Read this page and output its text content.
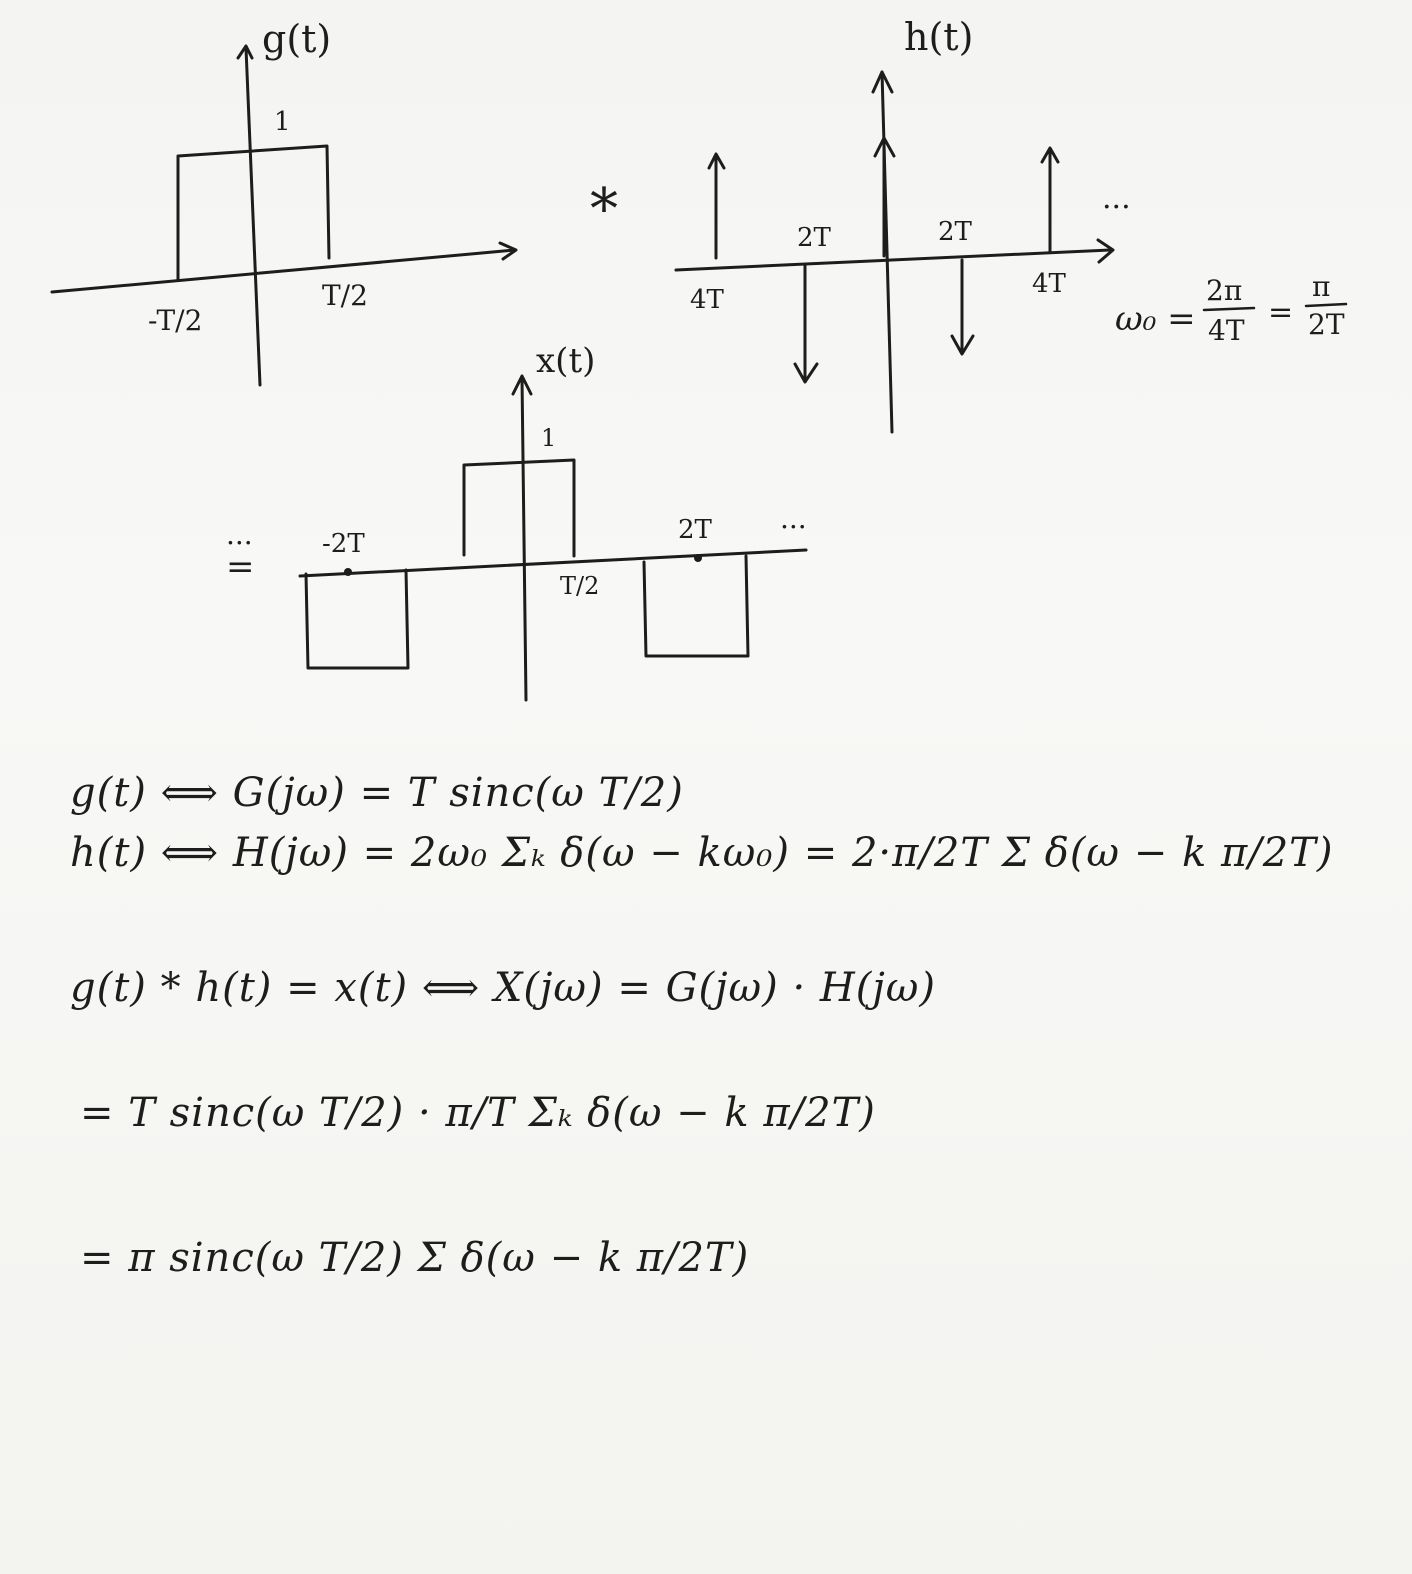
g(t)
1
-T/2
T/2
*
h(t)
2T	2T
4T
4T
...
ω₀ =
2π
4T
=
π
2T
x(t)
1
=
...	...
-2T	2T
T/2
g(t) ⟺ G(jω) = T sinc(ω T/2)
h(t) ⟺ H(jω) = 2ω₀ Σₖ δ(ω − kω₀) = 2·π/2T Σ δ(ω − k π/2T)
g(t) * h(t) = x(t) ⟺ X(jω) = G(jω) · H(jω)
= T sinc(ω T/2) · π/T Σₖ δ(ω − k π/2T)
= π sinc(ω T/2) Σ δ(ω − k π/2T)
